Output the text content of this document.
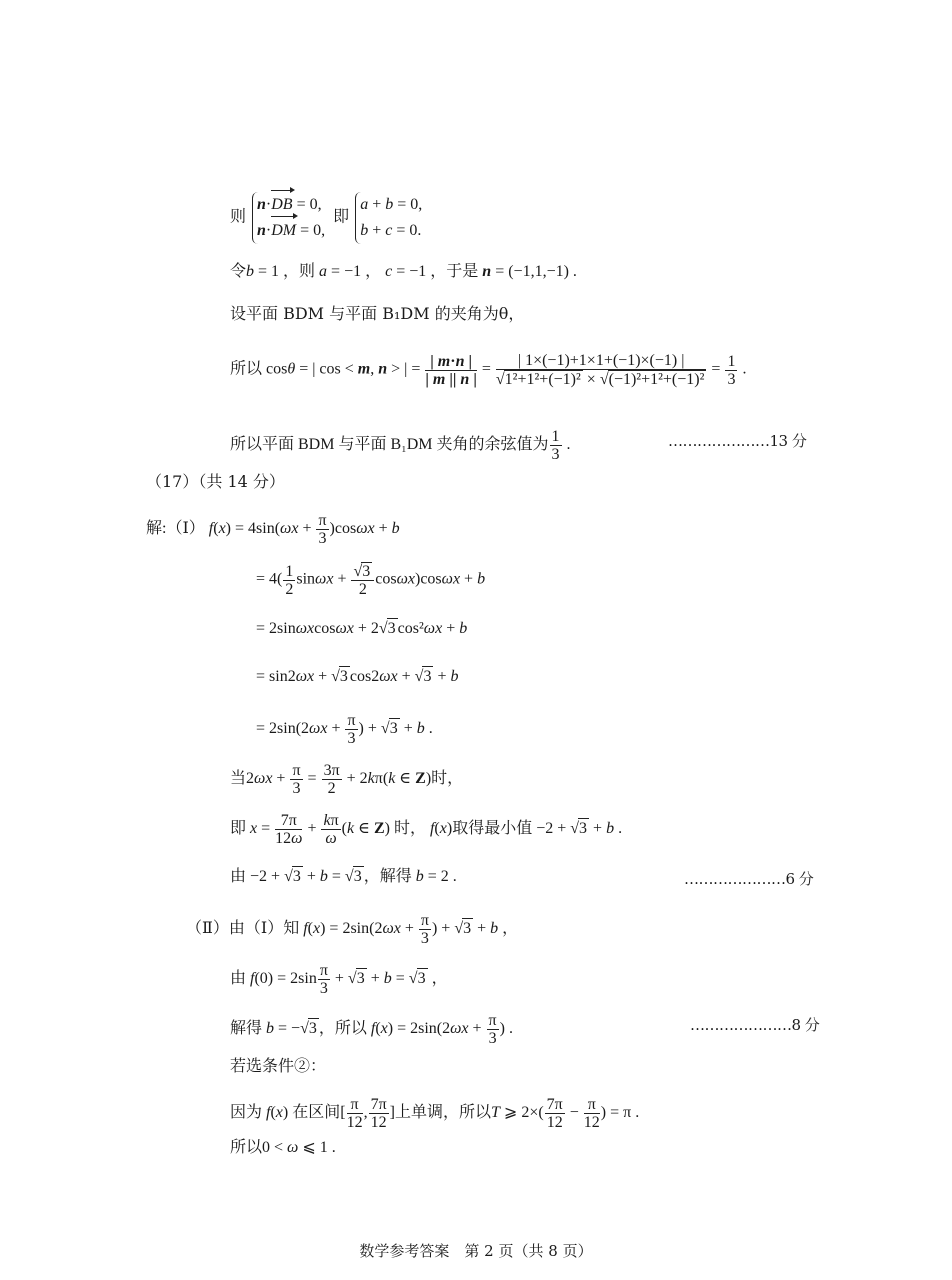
则
n·DB = 0,
n·DM = 0,
即
a + b = 0,
b + c = 0.
令b = 1 ，则 a = −1 ， c = −1 ，于是 n = (−1,1,−1) .
设平面 BDM 与平面 B₁DM 的夹角为θ，
所以 cosθ = | cos < m, n > | = $\frac{| m\cdot n |}{| m || n |} = \frac{| 1\times(-1)+1\times 1+(-1)\times(-1) |}{\text{√1²+1²+(−1)² × √(−1)²+1²+(−1)²}} = \frac{1}{3}$ .
所以平面 BDM 与平面 B₁DM 夹角的余弦值为 $\frac{1}{3}$ .	…………………13 分
（17）（共 14 分）
解:（Ⅰ） $f(x) = 4\sin(\omega x + \frac{\pi}{3} )\cos\omega x + b$
= $4( \frac{1}{2}$ $\sin\omega x + \frac{√3}{2} \cos\omega x)\cos\omega x + b$
= 2sinωxcosωx + 2√3 cos²ωx + b
= sin2ωx + √3 cos2ωx + √3 + b
= $2\sin(2\omega x + \frac{\pi}{3}$ ) + √3 + b .
当$2\omega x + \frac{\pi}{3} = \frac{3\pi}{2} + 2k\pi(k$ ∈ Z)时，
即 $x = \frac{7\pi}{12\omega} + \frac{k\pi}{\omega} (k$ ∈ Z) 时， f(x)取得最小值 −2 + √3 + b .
由 −2 + √3 + b = √3 ，解得 b = 2 .	…………………6 分
（Ⅱ）由（Ⅰ）知 $f(x) = 2\sin(2\omega x + \frac{\pi}{3}$ ) + √3 + b ，
由 $f(0) = 2\sin \frac{\pi}{3} + √3 + b = √3$ ，
解得 b = −√3 ，所以 $f(x) = 2\sin(2\omega x + \frac{\pi}{3}$ ) .	…………………8 分
若选条件②：
因为 f(x) 在区间[ $\frac{\pi}{12}$ , $\frac{7\pi}{12}$ ]上单调，所以T ⩾ $2\times( \frac{7\pi}{12} - \frac{\pi}{12}$ ) = π .
所以0 < ω ⩽ 1 .
数学参考答案　第 2 页（共 8 页）
